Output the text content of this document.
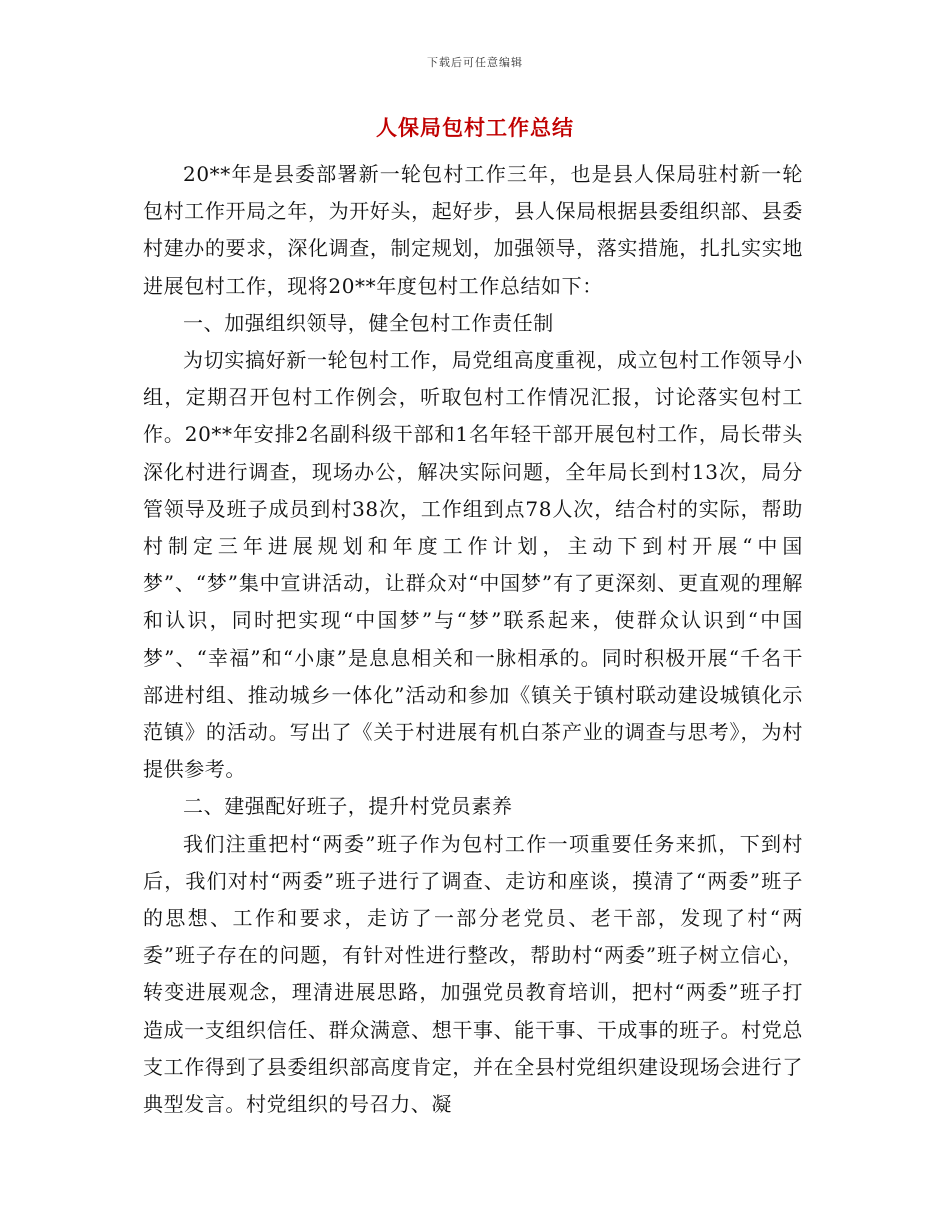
下载后可任意编辑
人保局包村工作总结

20**年是县委部署新一轮包村工作三年，也是县人保局驻村新一轮包村工作开局之年，为开好头，起好步，县人保局根据县委组织部、县委村建办的要求，深化调查，制定规划，加强领导，落实措施，扎扎实实地进展包村工作，现将20**年度包村工作总结如下：

一、加强组织领导，健全包村工作责任制

为切实搞好新一轮包村工作，局党组高度重视，成立包村工作领导小组，定期召开包村工作例会，听取包村工作情况汇报，讨论落实包村工作。20**年安排2名副科级干部和1名年轻干部开展包村工作，局长带头深化村进行调查，现场办公，解决实际问题，全年局长到村13次，局分管领导及班子成员到村38次，工作组到点78人次，结合村的实际，帮助村制定三年进展规划和年度工作计划，主动下到村开展“中国梦”、“梦”集中宣讲活动，让群众对“中国梦”有了更深刻、更直观的理解和认识，同时把实现“中国梦”与“梦”联系起来，使群众认识到“中国梦”、“幸福”和“小康”是息息相关和一脉相承的。同时积极开展“千名干部进村组、推动城乡一体化”活动和参加《镇关于镇村联动建设城镇化示范镇》的活动。写出了《关于村进展有机白茶产业的调查与思考》，为村提供参考。

二、建强配好班子，提升村党员素养

我们注重把村“两委”班子作为包村工作一项重要任务来抓，下到村后，我们对村“两委”班子进行了调查、走访和座谈，摸清了“两委”班子的思想、工作和要求，走访了一部分老党员、老干部，发现了村“两委”班子存在的问题，有针对性进行整改，帮助村“两委”班子树立信心，转变进展观念，理清进展思路，加强党员教育培训，把村“两委”班子打造成一支组织信任、群众满意、想干事、能干事、干成事的班子。村党总支工作得到了县委组织部高度肯定，并在全县村党组织建设现场会进行了典型发言。村党组织的号召力、凝
